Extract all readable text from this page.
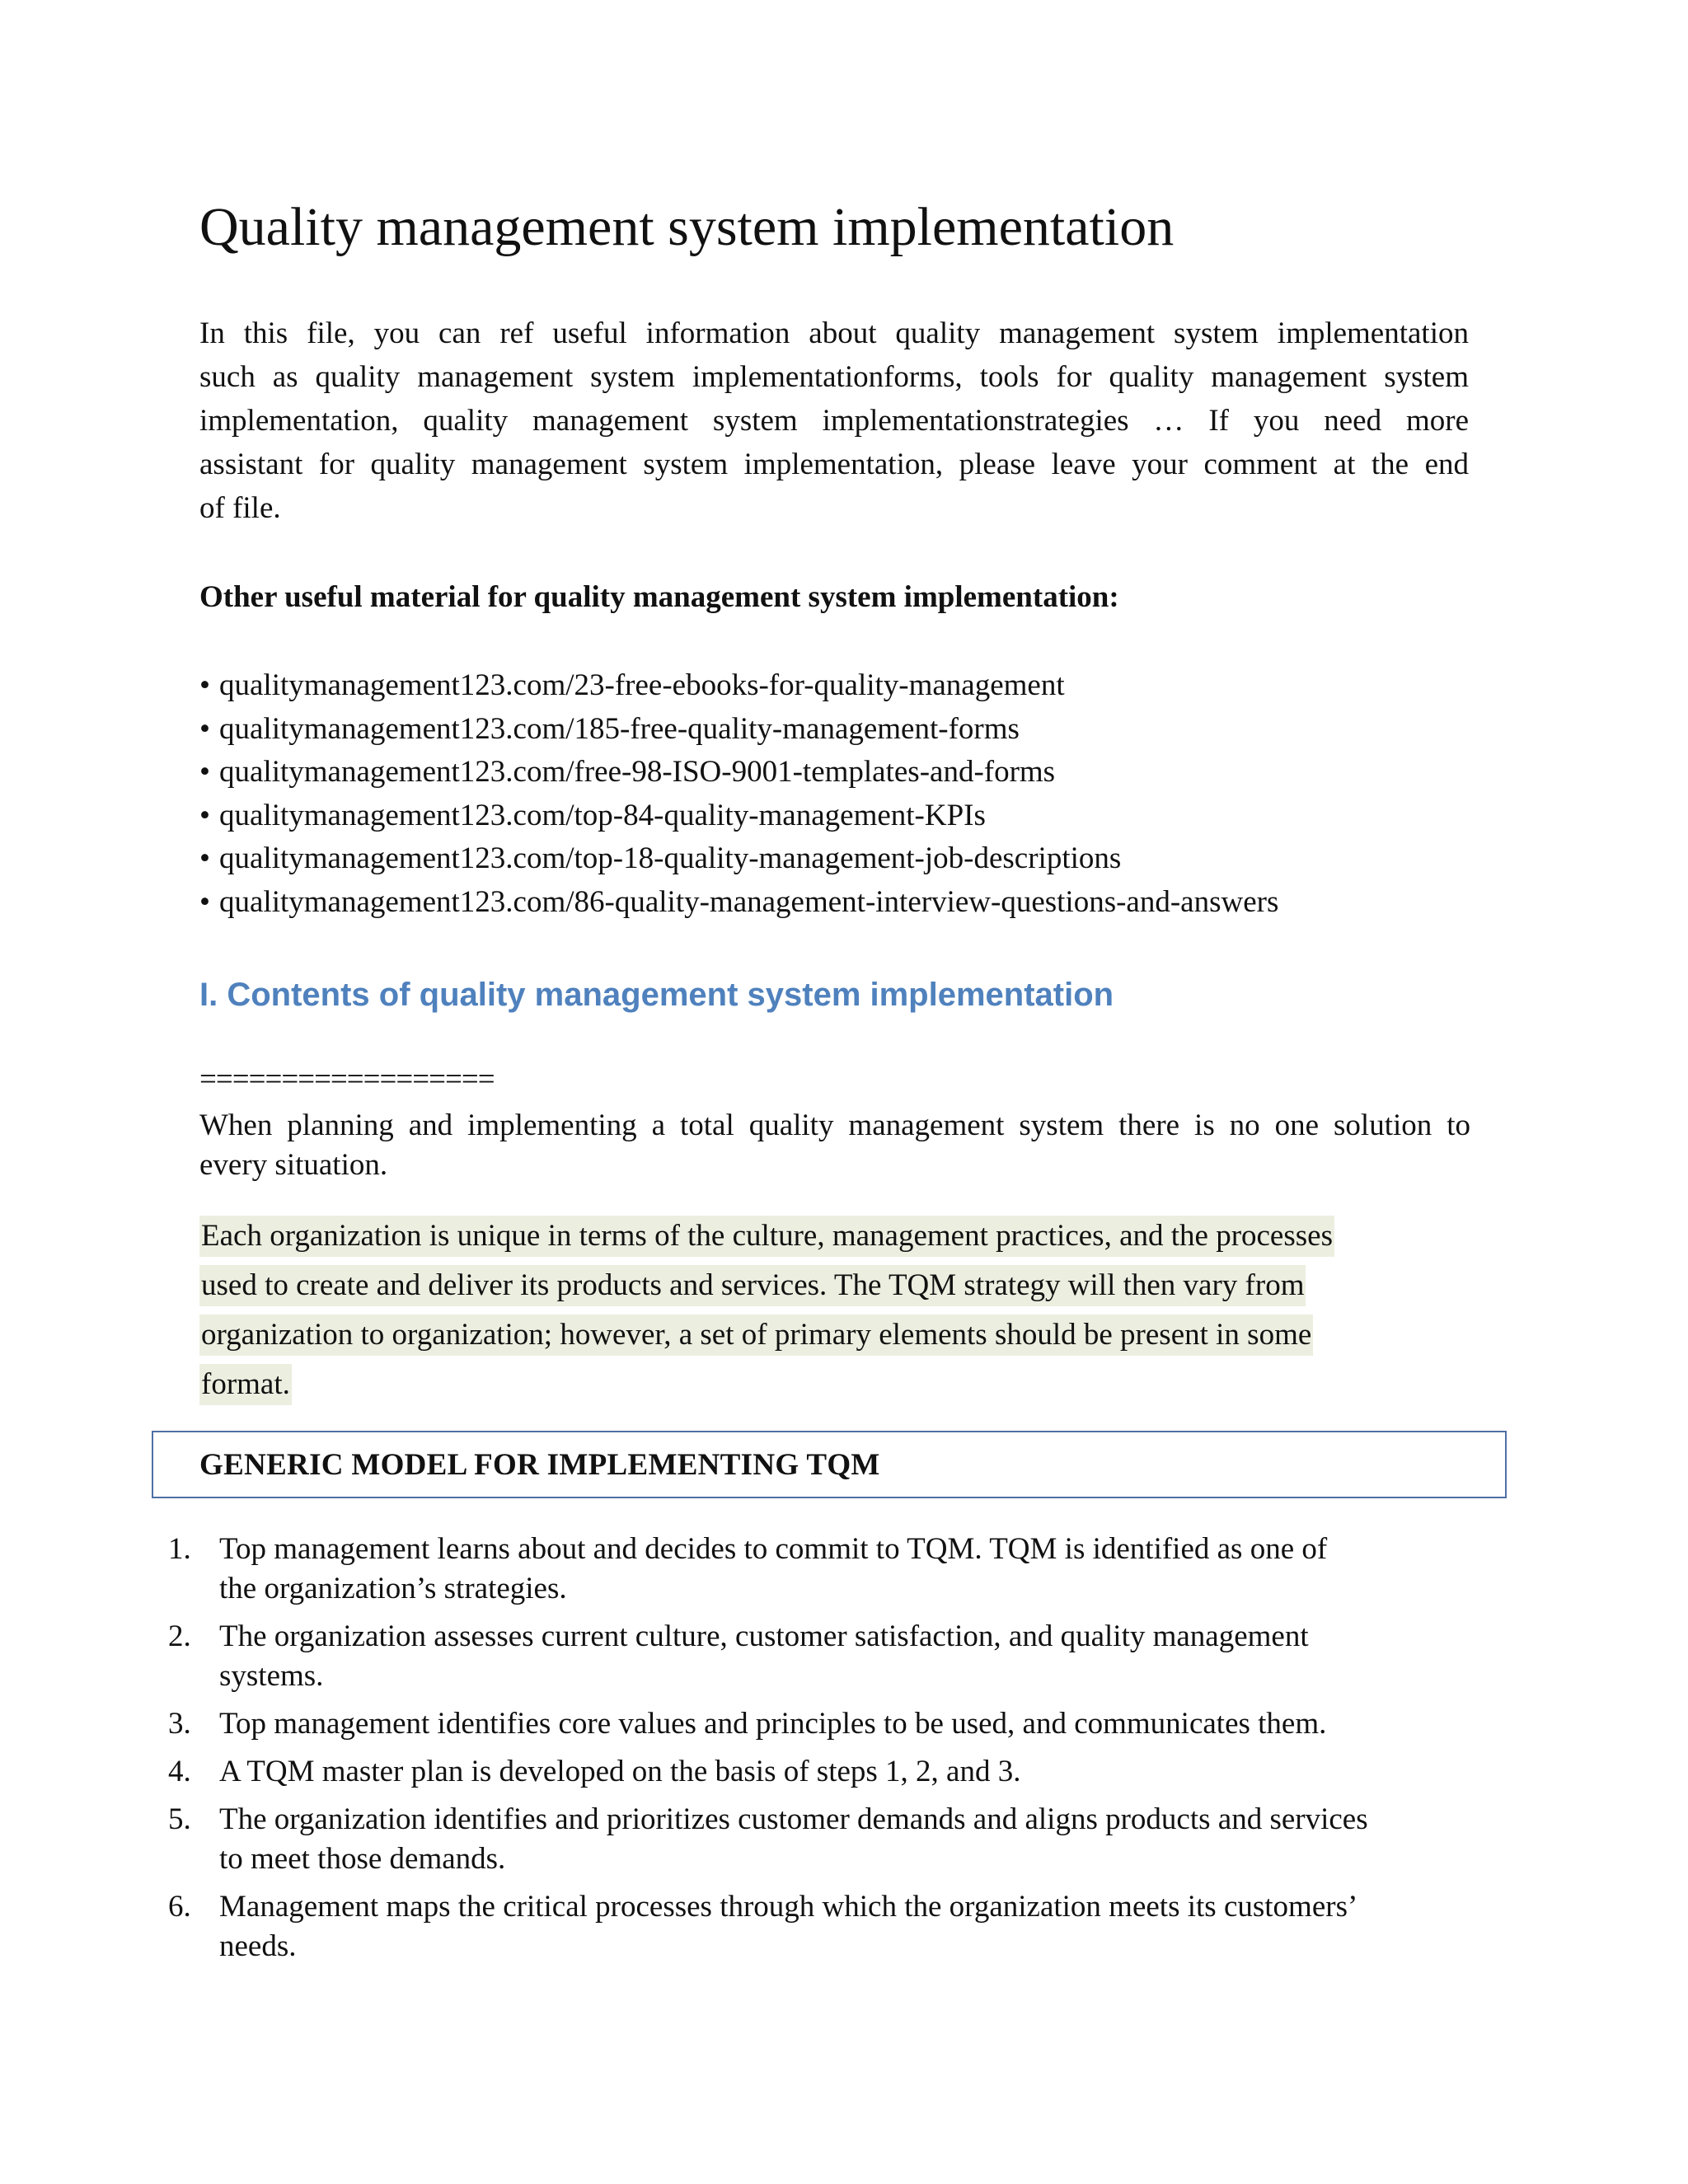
Quality management system implementation

In this file, you can ref useful information about quality management system implementation
such as quality management system implementationforms, tools for quality management system
implementation, quality management system implementationstrategies … If you need more
assistant for quality management system implementation, please leave your comment at the end
of file.

Other useful material for quality management system implementation:

• qualitymanagement123.com/23-free-ebooks-for-quality-management
• qualitymanagement123.com/185-free-quality-management-forms
• qualitymanagement123.com/free-98-ISO-9001-templates-and-forms
• qualitymanagement123.com/top-84-quality-management-KPIs
• qualitymanagement123.com/top-18-quality-management-job-descriptions
• qualitymanagement123.com/86-quality-management-interview-questions-and-answers
I. Contents of quality management system implementation
==================

When planning and implementing a total quality management system there is no one solution to
every situation.

Each organization is unique in terms of the culture, management practices, and the processes
used to create and deliver its products and services. The TQM strategy will then vary from
organization to organization; however, a set of primary elements should be present in some
format.

GENERIC MODEL FOR IMPLEMENTING TQM
1. Top management learns about and decides to commit to TQM. TQM is identified as one of
the organization’s strategies.
2. The organization assesses current culture, customer satisfaction, and quality management
systems.
3. Top management identifies core values and principles to be used, and communicates them.
4. A TQM master plan is developed on the basis of steps 1, 2, and 3.
5. The organization identifies and prioritizes customer demands and aligns products and services
to meet those demands.
6. Management maps the critical processes through which the organization meets its customers’
needs.
